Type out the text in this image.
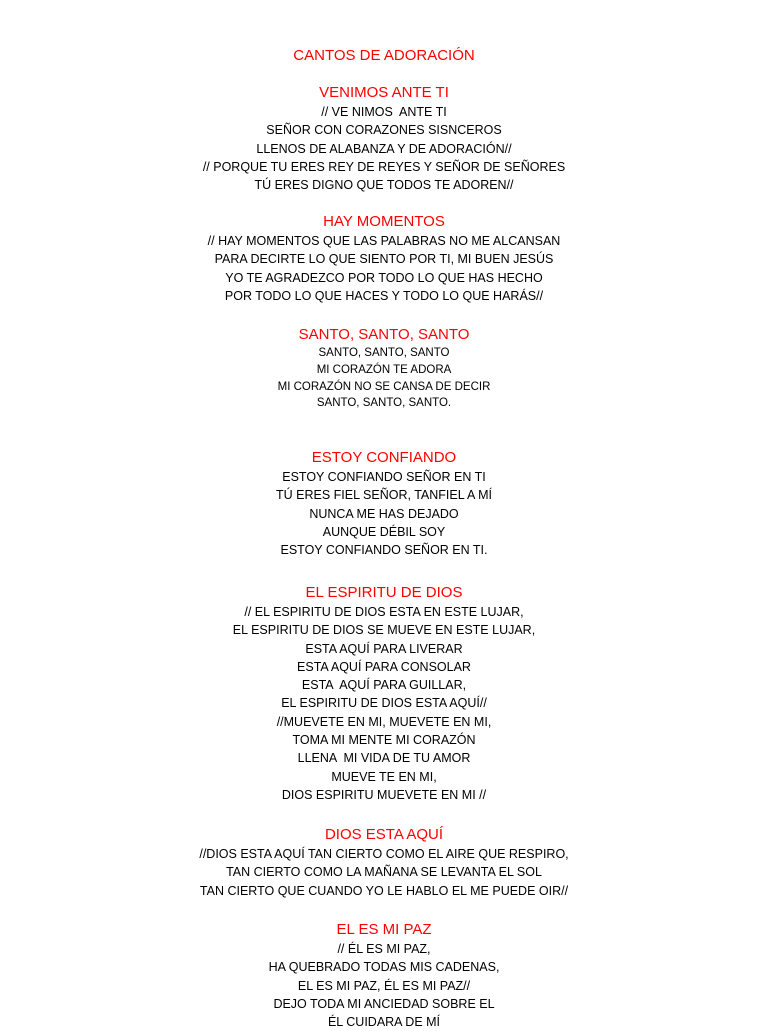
CANTOS DE ADORACIÓN
VENIMOS ANTE TI
// VE NIMOS  ANTE TI
SEÑOR CON CORAZONES SISNCEROS
LLENOS DE ALABANZA Y DE ADORACIÓN//
// PORQUE TU ERES REY DE REYES Y SEÑOR DE SEÑORES
TÚ ERES DIGNO QUE TODOS TE ADOREN//
HAY MOMENTOS
// HAY MOMENTOS QUE LAS PALABRAS NO ME ALCANSAN
PARA DECIRTE LO QUE SIENTO POR TI, MI BUEN JESÚS
YO TE AGRADEZCO POR TODO LO QUE HAS HECHO
POR TODO LO QUE HACES Y TODO LO QUE HARÁS//
SANTO, SANTO, SANTO
SANTO, SANTO, SANTO
MI CORAZÓN TE ADORA
MI CORAZÓN NO SE CANSA DE DECIR
SANTO, SANTO, SANTO.
ESTOY CONFIANDO
ESTOY CONFIANDO SEÑOR EN TI
TÚ ERES FIEL SEÑOR, TANFIEL A MÍ
NUNCA ME HAS DEJADO
AUNQUE DÉBIL SOY
ESTOY CONFIANDO SEÑOR EN TI.
EL ESPIRITU DE DIOS
// EL ESPIRITU DE DIOS ESTA EN ESTE LUJAR,
EL ESPIRITU DE DIOS SE MUEVE EN ESTE LUJAR,
ESTA AQUÍ PARA LIVERAR
ESTA AQUÍ PARA CONSOLAR
ESTA  AQUÍ PARA GUILLAR,
EL ESPIRITU DE DIOS ESTA AQUÍ//
//MUEVETE EN MI, MUEVETE EN MI,
TOMA MI MENTE MI CORAZÓN
LLENA  MI VIDA DE TU AMOR
MUEVE TE EN MI,
DIOS ESPIRITU MUEVETE EN MI //
DIOS ESTA AQUÍ
//DIOS ESTA AQUÍ TAN CIERTO COMO EL AIRE QUE RESPIRO,
TAN CIERTO COMO LA MAÑANA SE LEVANTA EL SOL
TAN CIERTO QUE CUANDO YO LE HABLO EL ME PUEDE OIR//
EL ES MI PAZ
// ÉL ES MI PAZ,
HA QUEBRADO TODAS MIS CADENAS,
EL ES MI PAZ, ÉL ES MI PAZ//
DEJO TODA MI ANCIEDAD SOBRE EL
ÉL CUIDARA DE MÍ
